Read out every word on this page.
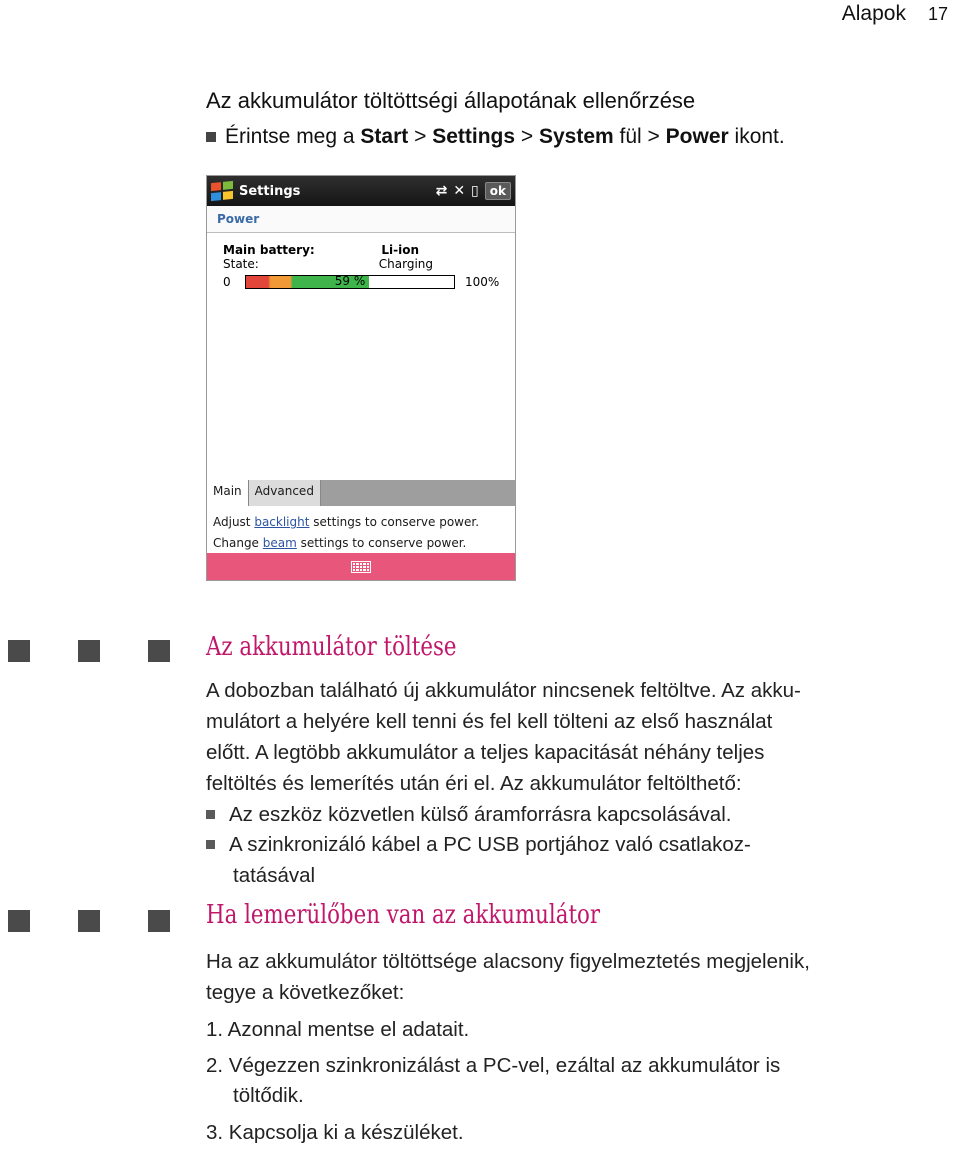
Alapok 17
Az akkumulátor töltöttségi állapotának ellenőrzése
Érintse meg a Start > Settings > System fül > Power ikont.
Settings	⇄ ✕ ▯ ok
Power
Main battery:	Li-ion
State:	Charging
0	59 %	100%
Main	Advanced
Adjust backlight settings to conserve power.
Change beam settings to conserve power.
Az akkumulátor töltése

A dobozban található új akkumulátor nincsenek feltöltve. Az akku-

mulátort a helyére kell tenni és fel kell tölteni az első használat

előtt. A legtöbb akkumulátor a teljes kapacitását néhány teljes

feltöltés és lemerítés után éri el. Az akkumulátor feltölthető:

Az eszköz közvetlen külső áramforrásra kapcsolásával.
A szinkronizáló kábel a PC USB portjához való csatlakoz-
tatásával
Ha lemerülőben van az akkumulátor

Ha az akkumulátor töltöttsége alacsony figyelmeztetés megjelenik,

tegye a következőket:

1. Azonnal mentse el adatait.

2. Végezzen szinkronizálást a PC-vel, ezáltal az akkumulátor is

töltődik.

3. Kapcsolja ki a készüléket.
